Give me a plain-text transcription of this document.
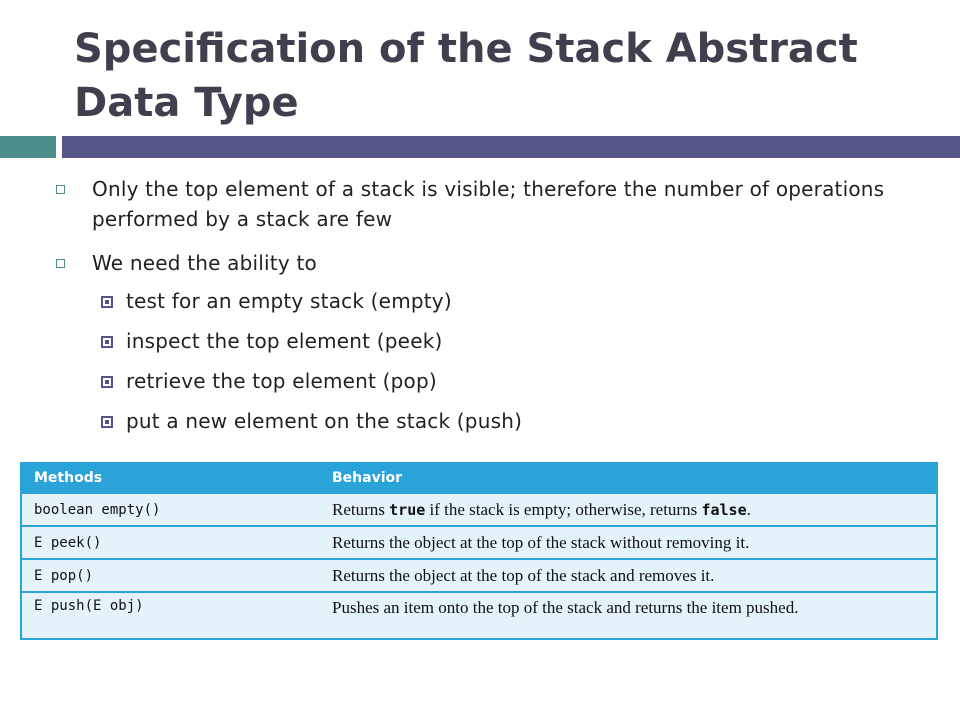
Specification of the Stack Abstract Data Type
Only the top element of a stack is visible; therefore the number of operations performed by a stack are few
We need the ability to
test for an empty stack (empty)
inspect the top element (peek)
retrieve the top element (pop)
put a new element on the stack (push)
Methods	Behavior
boolean empty()	Returns true if the stack is empty; otherwise, returns false.
E peek()	Returns the object at the top of the stack without removing it.
E pop()	Returns the object at the top of the stack and removes it.
E push(E obj)	Pushes an item onto the top of the stack and returns the item pushed.
